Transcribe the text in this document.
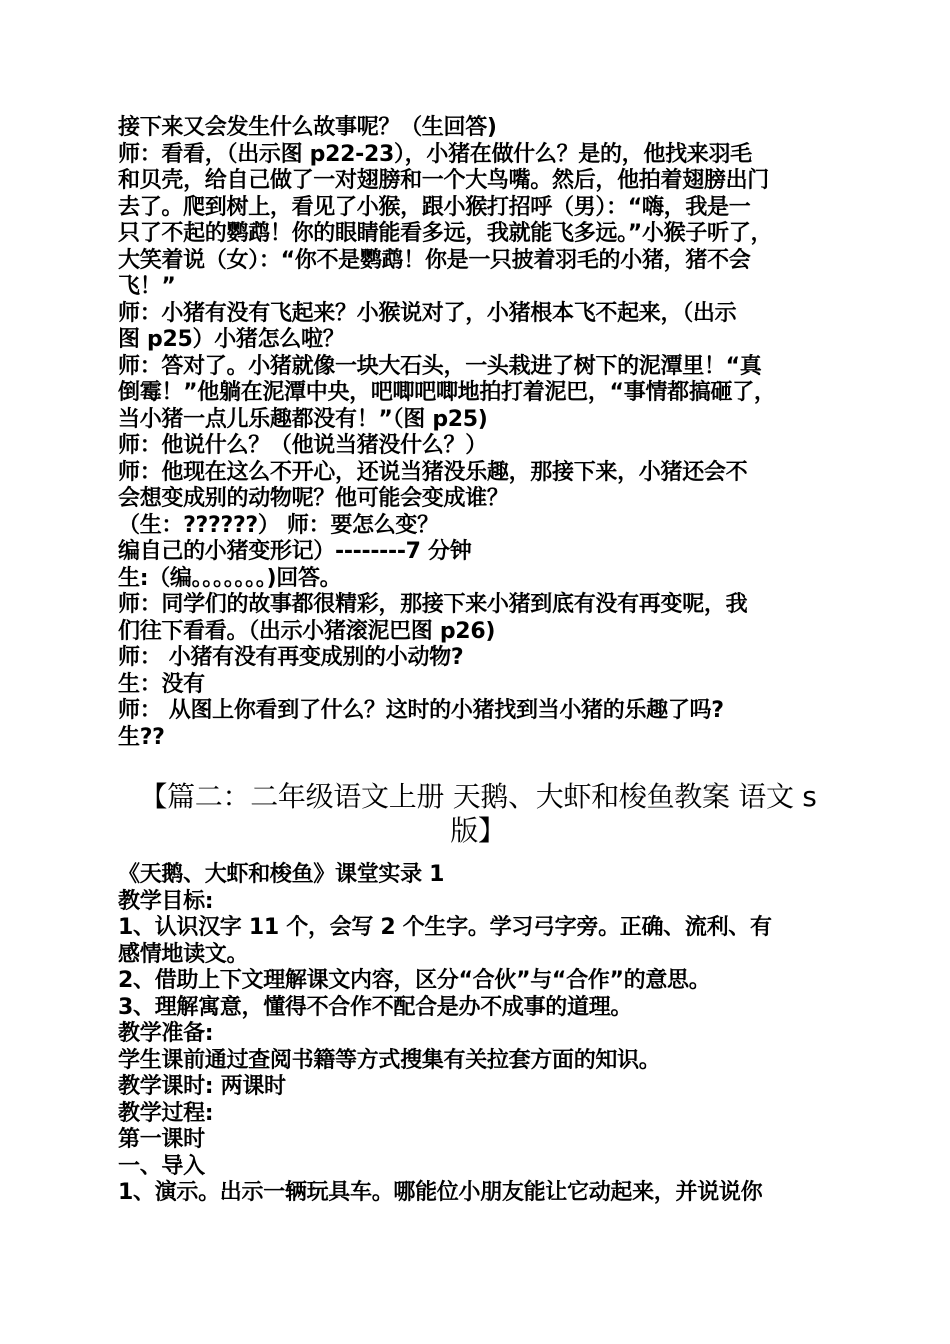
接下来又会发生什么故事呢？（生回答)

师：看看，（出示图 p22-23），小猪在做什么？是的，他找来羽毛

和贝壳，给自己做了一对翅膀和一个大鸟嘴。然后，他拍着翅膀出门

去了。爬到树上，看见了小猴，跟小猴打招呼（男）：“嗨，我是一

只了不起的鹦鹉！你的眼睛能看多远，我就能飞多远。”小猴子听了，

大笑着说（女）：“你不是鹦鹉！你是一只披着羽毛的小猪，猪不会

飞！”

师：小猪有没有飞起来？小猴说对了，小猪根本飞不起来，（出示

图 p25）小猪怎么啦？

师：答对了。小猪就像一块大石头，一头栽进了树下的泥潭里！“真

倒霉！”他躺在泥潭中央，吧唧吧唧地拍打着泥巴，“事情都搞砸了，

当小猪一点儿乐趣都没有！”（图 p25)

师：他说什么？（他说当猪没什么？）

师：他现在这么不开心，还说当猪没乐趣，那接下来，小猪还会不

会想变成别的动物呢？他可能会变成谁？

（生：??????） 师：要怎么变？

编自己的小猪变形记）--------7 分钟

生:（编。。。。。。。)回答。

师：同学们的故事都很精彩，那接下来小猪到底有没有再变呢，我

们往下看看。（出示小猪滚泥巴图 p26)

师： 小猪有没有再变成别的小动物?

生：没有

师： 从图上你看到了什么？这时的小猪找到当小猪的乐趣了吗?

生??

【篇二：二年级语文上册 天鹅、大虾和梭鱼教案 语文 s

版】

《天鹅、大虾和梭鱼》课堂实录 1

教学目标:

1、认识汉字 11 个，会写 2 个生字。学习弓字旁。正确、流利、有

感情地读文。

2、借助上下文理解课文内容，区分“合伙”与“合作”的意思。

3、理解寓意，懂得不合作不配合是办不成事的道理。

教学准备:

学生课前通过查阅书籍等方式搜集有关拉套方面的知识。

教学课时: 两课时

教学过程:

第一课时

一、导入

1、演示。出示一辆玩具车。哪能位小朋友能让它动起来，并说说你
